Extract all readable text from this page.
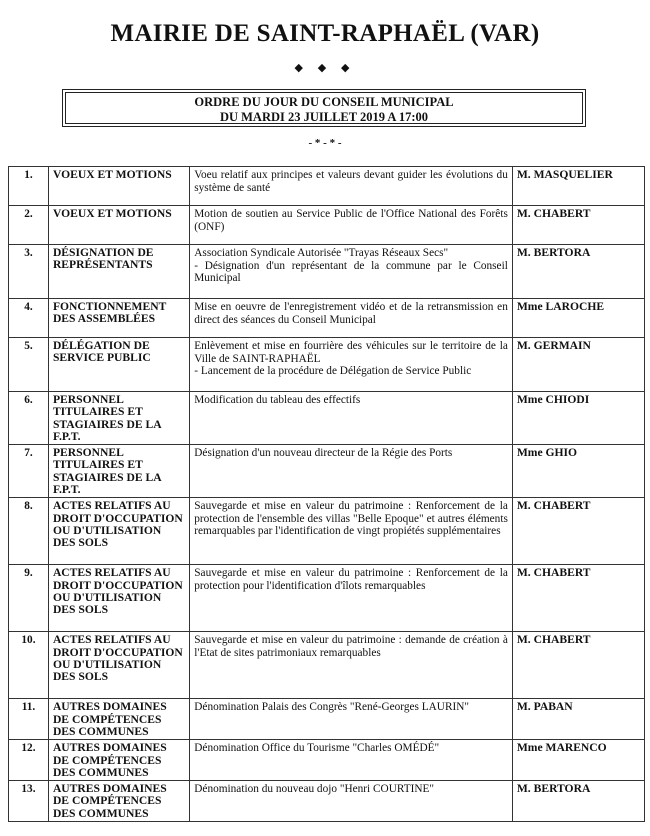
MAIRIE DE SAINT-RAPHAËL (VAR)
◆ ◆ ◆
ORDRE DU JOUR DU CONSEIL MUNICIPAL
DU MARDI 23 JUILLET 2019 A 17:00
- * - * -
1.	VOEUX ET MOTIONS	Voeu relatif aux principes et valeurs devant guider les évolutions du système de santé	M. MASQUELIER
2.	VOEUX ET MOTIONS	Motion de soutien au Service Public de l'Office National des Forêts (ONF)	M. CHABERT
3.	DÉSIGNATION DE REPRÉSENTANTS	Association Syndicale Autorisée "Trayas Réseaux Secs"
- Désignation d'un représentant de la commune par le Conseil Municipal	M. BERTORA
4.	FONCTIONNEMENT DES ASSEMBLÉES	Mise en oeuvre de l'enregistrement vidéo et de la retransmission en direct des séances du Conseil Municipal	Mme LAROCHE
5.	DÉLÉGATION DE SERVICE PUBLIC	Enlèvement et mise en fourrière des véhicules sur le territoire de la Ville de SAINT-RAPHAËL
- Lancement de la procédure de Délégation de Service Public	M. GERMAIN
6.	PERSONNEL TITULAIRES ET STAGIAIRES DE LA F.P.T.	Modification du tableau des effectifs	Mme CHIODI
7.	PERSONNEL TITULAIRES ET STAGIAIRES DE LA F.P.T.	Désignation d'un nouveau directeur de la Régie des Ports	Mme GHIO
8.	ACTES RELATIFS AU DROIT D'OCCUPATION OU D'UTILISATION DES SOLS	Sauvegarde et mise en valeur du patrimoine : Renforcement de la protection de l'ensemble des villas "Belle Epoque" et autres éléments remarquables par l'identification de vingt propiétés supplémentaires	M. CHABERT
9.	ACTES RELATIFS AU DROIT D'OCCUPATION OU D'UTILISATION DES SOLS	Sauvegarde et mise en valeur du patrimoine : Renforcement de la protection pour l'identification d'îlots remarquables	M. CHABERT
10.	ACTES RELATIFS AU DROIT D'OCCUPATION OU D'UTILISATION DES SOLS	Sauvegarde et mise en valeur du patrimoine : demande de création à l'Etat de sites patrimoniaux remarquables	M. CHABERT
11.	AUTRES DOMAINES DE COMPÉTENCES DES COMMUNES	Dénomination Palais des Congrès "René-Georges LAURIN"	M. PABAN
12.	AUTRES DOMAINES DE COMPÉTENCES DES COMMUNES	Dénomination Office du Tourisme "Charles OMÉDÉ"	Mme MARENCO
13.	AUTRES DOMAINES DE COMPÉTENCES DES COMMUNES	Dénomination du nouveau dojo "Henri COURTINE"	M. BERTORA
